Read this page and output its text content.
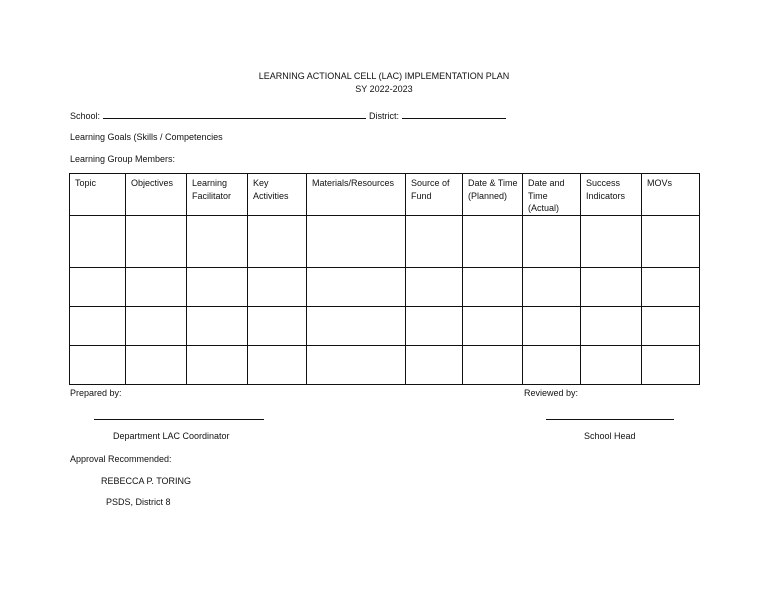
LEARNING ACTIONAL CELL (LAC) IMPLEMENTATION PLAN
SY 2022-2023
School:	District:
Learning Goals (Skills / Competencies
Learning Group Members:
Topic	Objectives	Learning Facilitator	Key Activities	Materials/Resources	Source of Fund	Date & Time (Planned)	Date and Time (Actual)	Success Indicators	MOVs

Prepared by:	Reviewed by:
Department LAC Coordinator	School Head
Approval Recommended:
REBECCA P. TORING
PSDS, District 8
